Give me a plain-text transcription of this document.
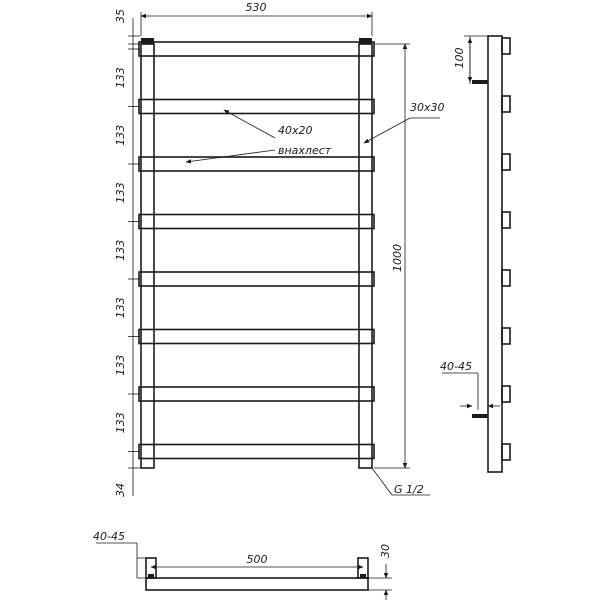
530
1000
35
34
133
133
133
133
133
133
133
40x20
внахлест
30x30
G 1/2
100
40-45
500
30
40-45
